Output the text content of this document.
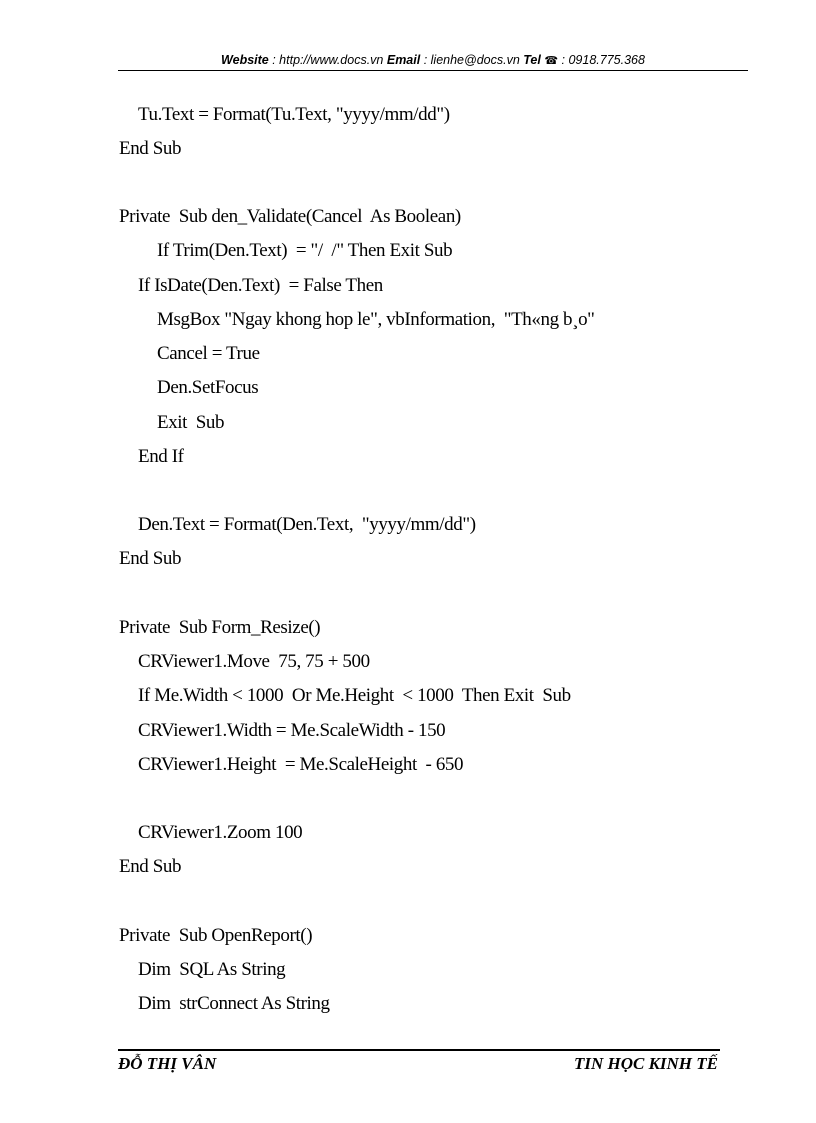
Website : http://www.docs.vn Email : lienhe@docs.vn Tel ☎ : 0918.775.368
Tu.Text = Format(Tu.Text, "yyyy/mm/dd")
End Sub
Private  Sub den_Validate(Cancel  As Boolean)
If Trim(Den.Text)  = "/  /" Then Exit Sub
If IsDate(Den.Text)  = False Then
MsgBox "Ngay khong hop le", vbInformation,  "Th«ng b¸o"
Cancel = True
Den.SetFocus
Exit  Sub
End If
Den.Text = Format(Den.Text,  "yyyy/mm/dd")
End Sub
Private  Sub Form_Resize()
CRViewer1.Move  75, 75 + 500
If Me.Width < 1000  Or Me.Height  < 1000  Then Exit  Sub
CRViewer1.Width = Me.ScaleWidth - 150
CRViewer1.Height  = Me.ScaleHeight  - 650
CRViewer1.Zoom 100
End Sub
Private  Sub OpenReport()
Dim  SQL As String
Dim  strConnect As String
ĐỖ THỊ VÂN	TIN HỌC KINH TẾ
